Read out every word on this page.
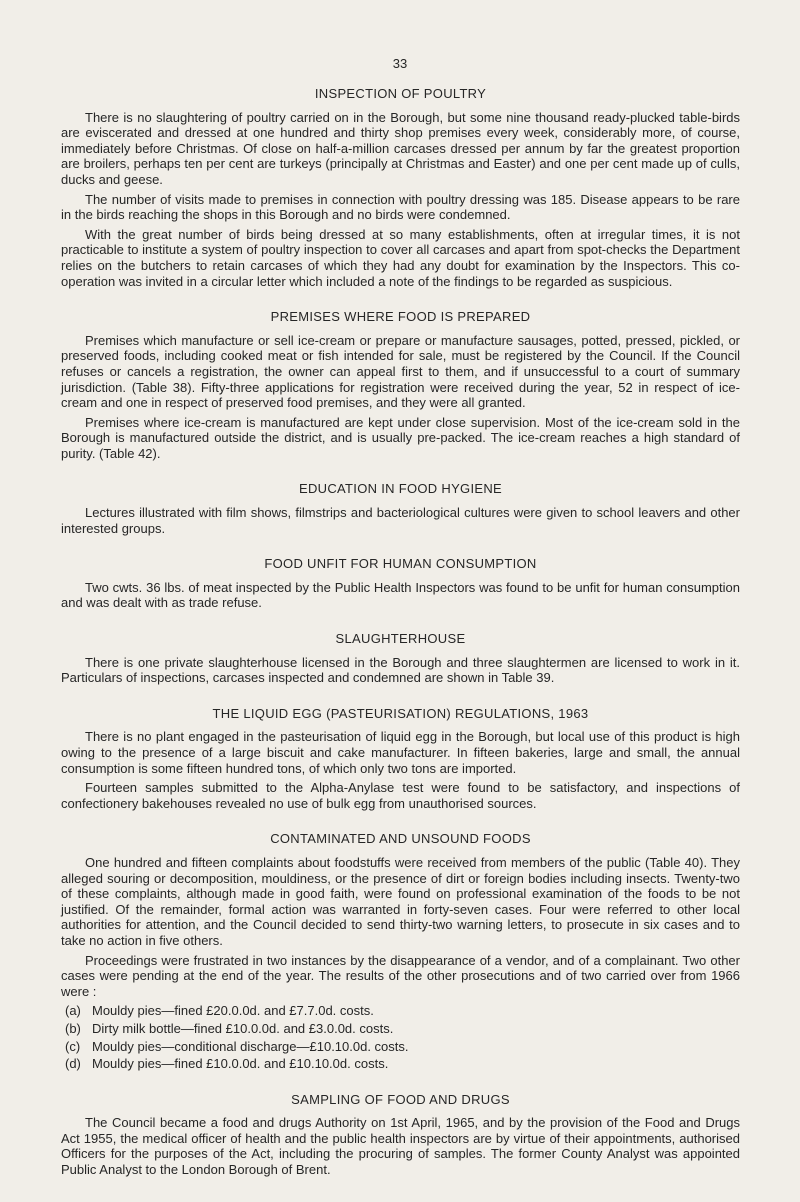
33
INSPECTION OF POULTRY

There is no slaughtering of poultry carried on in the Borough, but some nine thousand ready-plucked table-birds are eviscerated and dressed at one hundred and thirty shop premises every week, considerably more, of course, immediately before Christmas. Of close on half-a-million carcases dressed per annum by far the greatest proportion are broilers, perhaps ten per cent are turkeys (principally at Christmas and Easter) and one per cent made up of culls, ducks and geese.

The number of visits made to premises in connection with poultry dressing was 185. Disease appears to be rare in the birds reaching the shops in this Borough and no birds were condemned.

With the great number of birds being dressed at so many establishments, often at irregular times, it is not practicable to institute a system of poultry inspection to cover all carcases and apart from spot-checks the Department relies on the butchers to retain carcases of which they had any doubt for examination by the Inspectors. This co-operation was invited in a circular letter which included a note of the findings to be regarded as suspicious.

PREMISES WHERE FOOD IS PREPARED

Premises which manufacture or sell ice-cream or prepare or manufacture sausages, potted, pressed, pickled, or preserved foods, including cooked meat or fish intended for sale, must be registered by the Council. If the Council refuses or cancels a registration, the owner can appeal first to them, and if unsuccessful to a court of summary jurisdiction. (Table 38). Fifty-three applications for registration were received during the year, 52 in respect of ice-cream and one in respect of preserved food premises, and they were all granted.

Premises where ice-cream is manufactured are kept under close supervision. Most of the ice-cream sold in the Borough is manufactured outside the district, and is usually pre-packed. The ice-cream reaches a high standard of purity. (Table 42).

EDUCATION IN FOOD HYGIENE

Lectures illustrated with film shows, filmstrips and bacteriological cultures were given to school leavers and other interested groups.

FOOD UNFIT FOR HUMAN CONSUMPTION

Two cwts. 36 lbs. of meat inspected by the Public Health Inspectors was found to be unfit for human consumption and was dealt with as trade refuse.

SLAUGHTERHOUSE

There is one private slaughterhouse licensed in the Borough and three slaughtermen are licensed to work in it. Particulars of inspections, carcases inspected and condemned are shown in Table 39.

THE LIQUID EGG (PASTEURISATION) REGULATIONS, 1963

There is no plant engaged in the pasteurisation of liquid egg in the Borough, but local use of this product is high owing to the presence of a large biscuit and cake manufacturer. In fifteen bakeries, large and small, the annual consumption is some fifteen hundred tons, of which only two tons are imported.

Fourteen samples submitted to the Alpha-Anylase test were found to be satisfactory, and inspections of confectionery bakehouses revealed no use of bulk egg from unauthorised sources.

CONTAMINATED AND UNSOUND FOODS

One hundred and fifteen complaints about foodstuffs were received from members of the public (Table 40). They alleged souring or decomposition, mouldiness, or the presence of dirt or foreign bodies including insects. Twenty-two of these complaints, although made in good faith, were found on professional examination of the foods to be not justified. Of the remainder, formal action was warranted in forty-seven cases. Four were referred to other local authorities for attention, and the Council decided to send thirty-two warning letters, to prosecute in six cases and to take no action in five others.

Proceedings were frustrated in two instances by the disappearance of a vendor, and of a complainant. Two other cases were pending at the end of the year. The results of the other prosecutions and of two carried over from 1966 were :

(a) Mouldy pies—fined £20.0.0d. and £7.7.0d. costs.
(b) Dirty milk bottle—fined £10.0.0d. and £3.0.0d. costs.
(c) Mouldy pies—conditional discharge—£10.10.0d. costs.
(d) Mouldy pies—fined £10.0.0d. and £10.10.0d. costs.
SAMPLING OF FOOD AND DRUGS

The Council became a food and drugs Authority on 1st April, 1965, and by the provision of the Food and Drugs Act 1955, the medical officer of health and the public health inspectors are by virtue of their appointments, authorised Officers for the purposes of the Act, including the procuring of samples. The former County Analyst was appointed Public Analyst to the London Borough of Brent.
